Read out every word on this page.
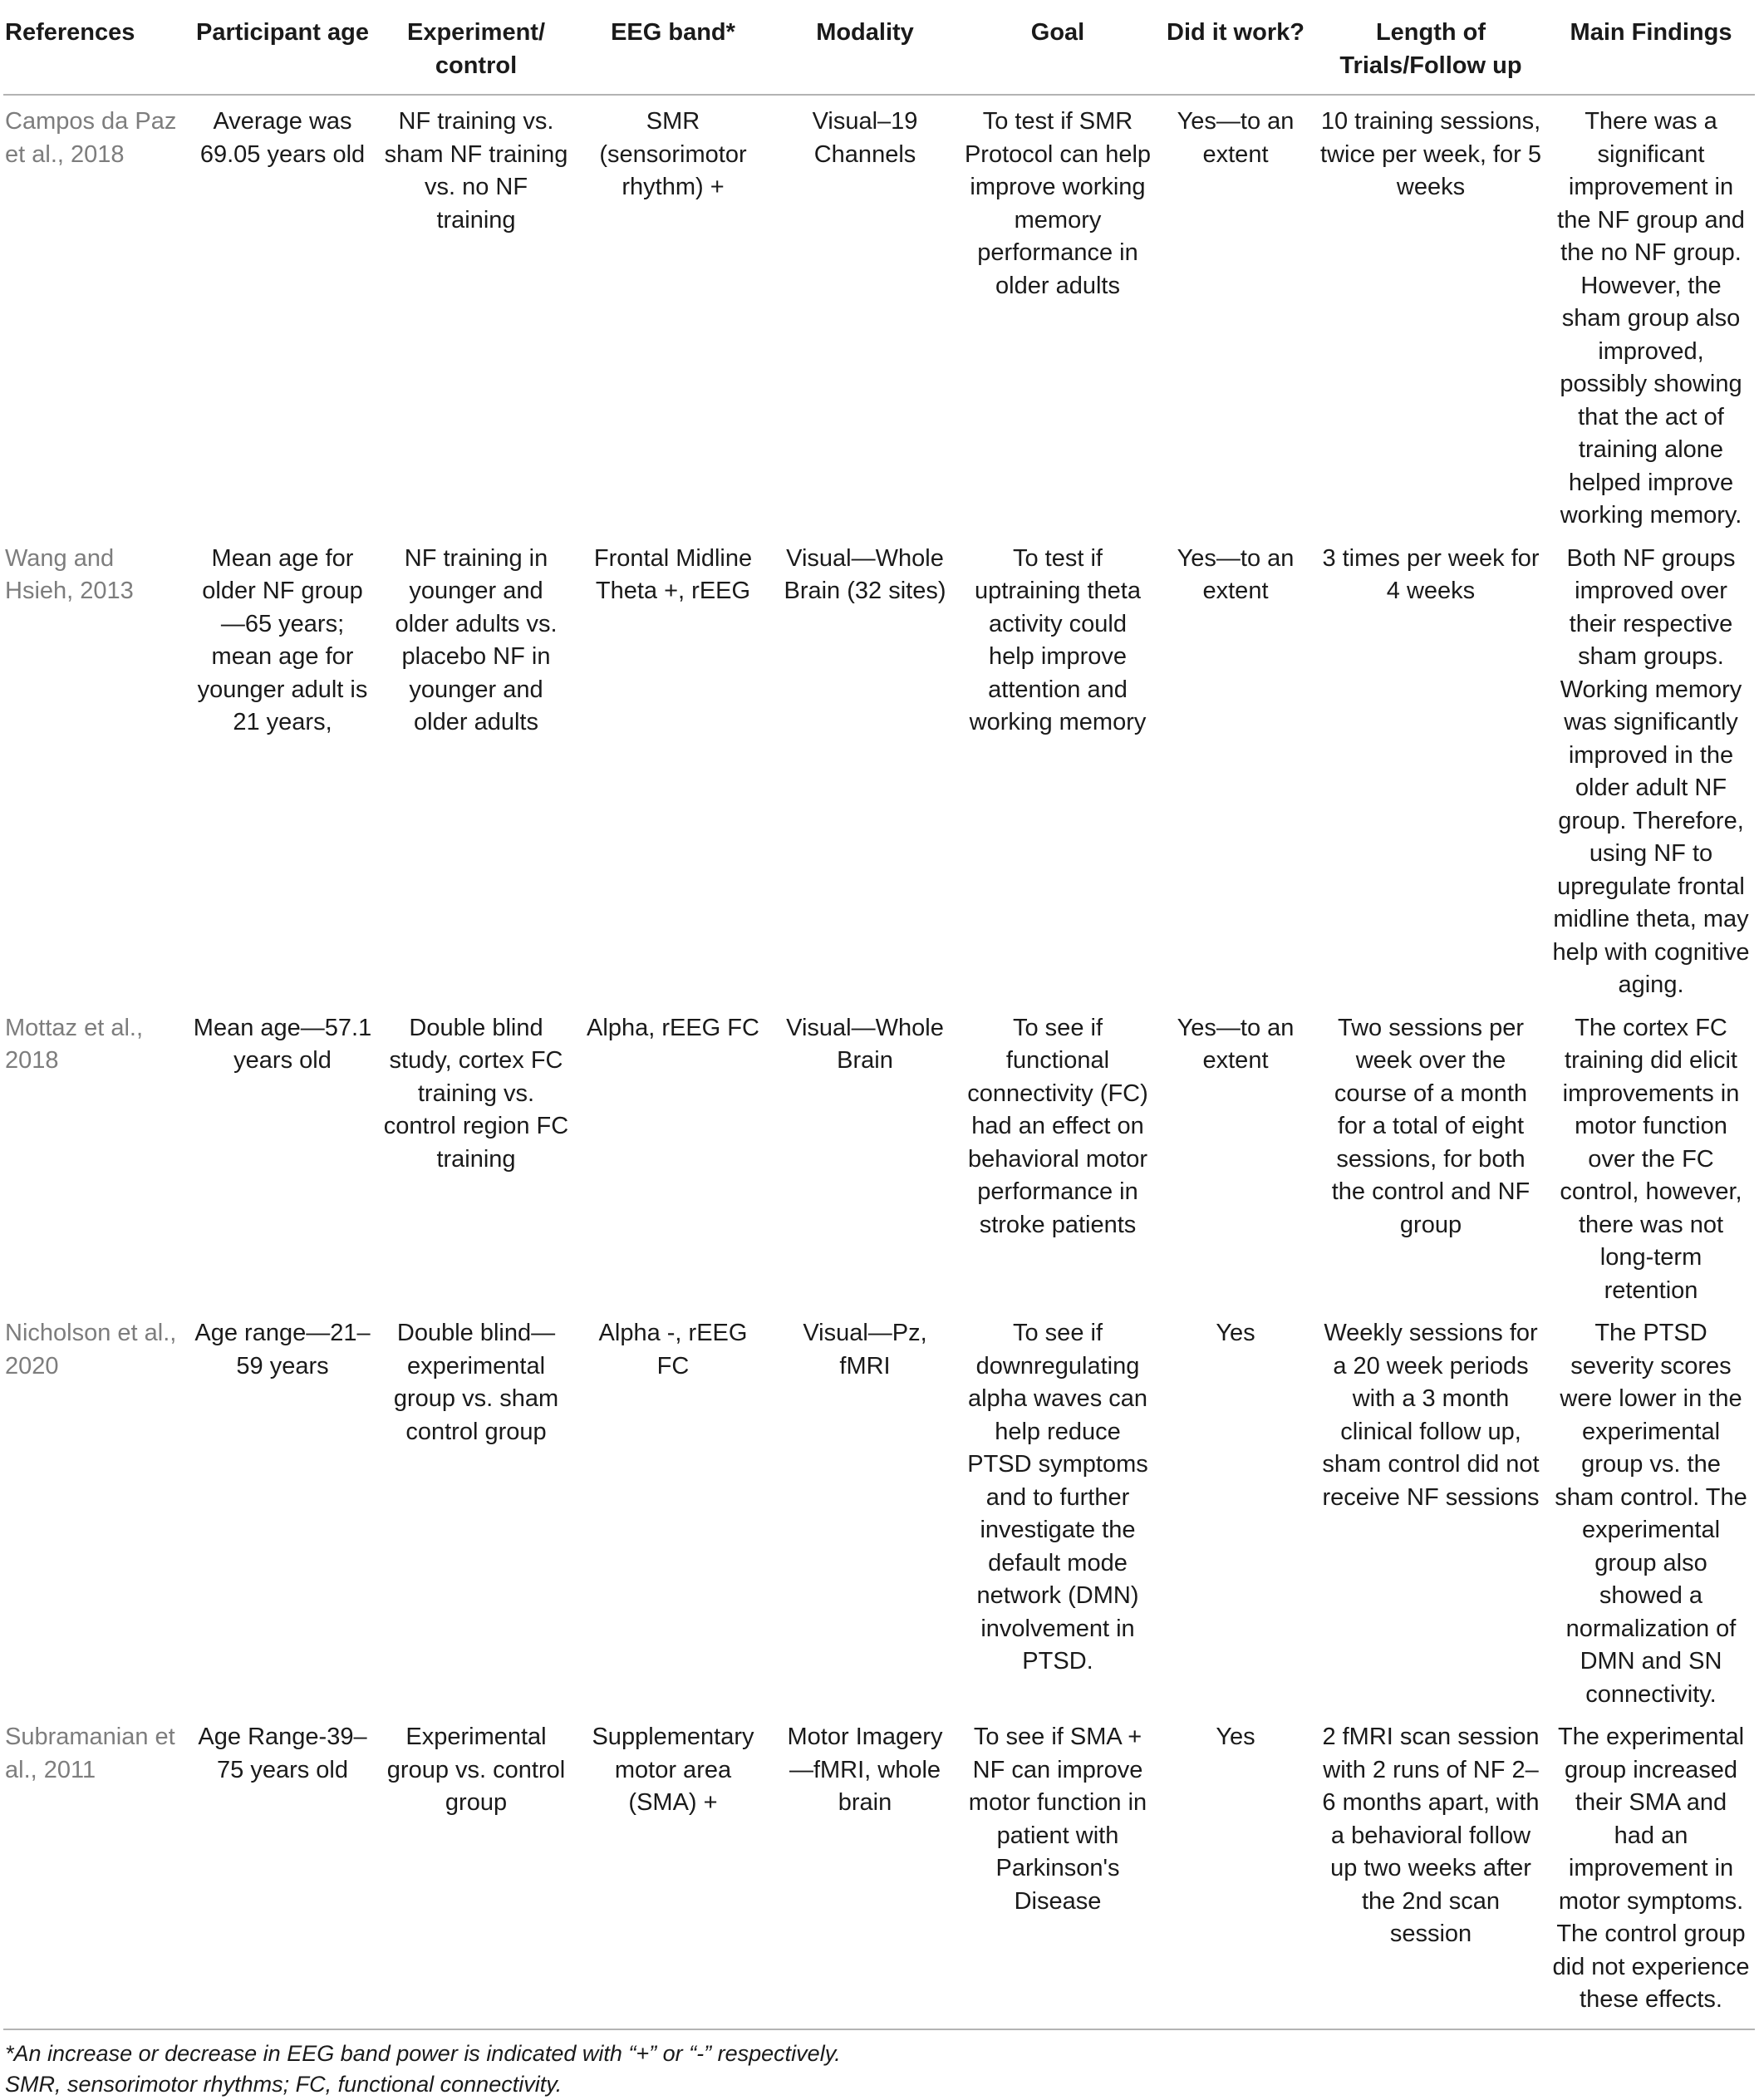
References	Participant age	Experiment/ control	EEG band*	Modality	Goal	Did it work?	Length of Trials/Follow up	Main Findings
Campos da Paz et al., 2018	Average was 69.05 years old	NF training vs. sham NF training vs. no NF training	SMR (sensorimotor rhythm) +	Visual–19 Channels	To test if SMR Protocol can help improve working memory performance in older adults	Yes—to an extent	10 training sessions, twice per week, for 5 weeks	There was a significant improvement in the NF group and the no NF group. However, the sham group also improved, possibly showing that the act of training alone helped improve working memory.
Wang and Hsieh, 2013	Mean age for older NF group—65 years; mean age for younger adult is 21 years,	NF training in younger and older adults vs. placebo NF in younger and older adults	Frontal Midline Theta +, rEEG	Visual—Whole Brain (32 sites)	To test if uptraining theta activity could help improve attention and working memory	Yes—to an extent	3 times per week for 4 weeks	Both NF groups improved over their respective sham groups. Working memory was significantly improved in the older adult NF group. Therefore, using NF to upregulate frontal midline theta, may help with cognitive aging.
Mottaz et al., 2018	Mean age—57.1 years old	Double blind study, cortex FC training vs. control region FC training	Alpha, rEEG FC	Visual—Whole Brain	To see if functional connectivity (FC) had an effect on behavioral motor performance in stroke patients	Yes—to an extent	Two sessions per week over the course of a month for a total of eight sessions, for both the control and NF group	The cortex FC training did elicit improvements in motor function over the FC control, however, there was not long-term retention
Nicholson et al., 2020	Age range—21–59 years	Double blind—experimental group vs. sham control group	Alpha -, rEEG FC	Visual—Pz, fMRI	To see if downregulating alpha waves can help reduce PTSD symptoms and to further investigate the default mode network (DMN) involvement in PTSD.	Yes	Weekly sessions for a 20 week periods with a 3 month clinical follow up, sham control did not receive NF sessions	The PTSD severity scores were lower in the experimental group vs. the sham control. The experimental group also showed a normalization of DMN and SN connectivity.
Subramanian et al., 2011	Age Range-39–75 years old	Experimental group vs. control group	Supplementary motor area (SMA) +	Motor Imagery—fMRI, whole brain	To see if SMA + NF can improve motor function in patient with Parkinson's Disease	Yes	2 fMRI scan session with 2 runs of NF 2–6 months apart, with a behavioral follow up two weeks after the 2nd scan session	The experimental group increased their SMA and had an improvement in motor symptoms. The control group did not experience these effects.
*An increase or decrease in EEG band power is indicated with “+” or “-” respectively.
SMR, sensorimotor rhythms; FC, functional connectivity.
